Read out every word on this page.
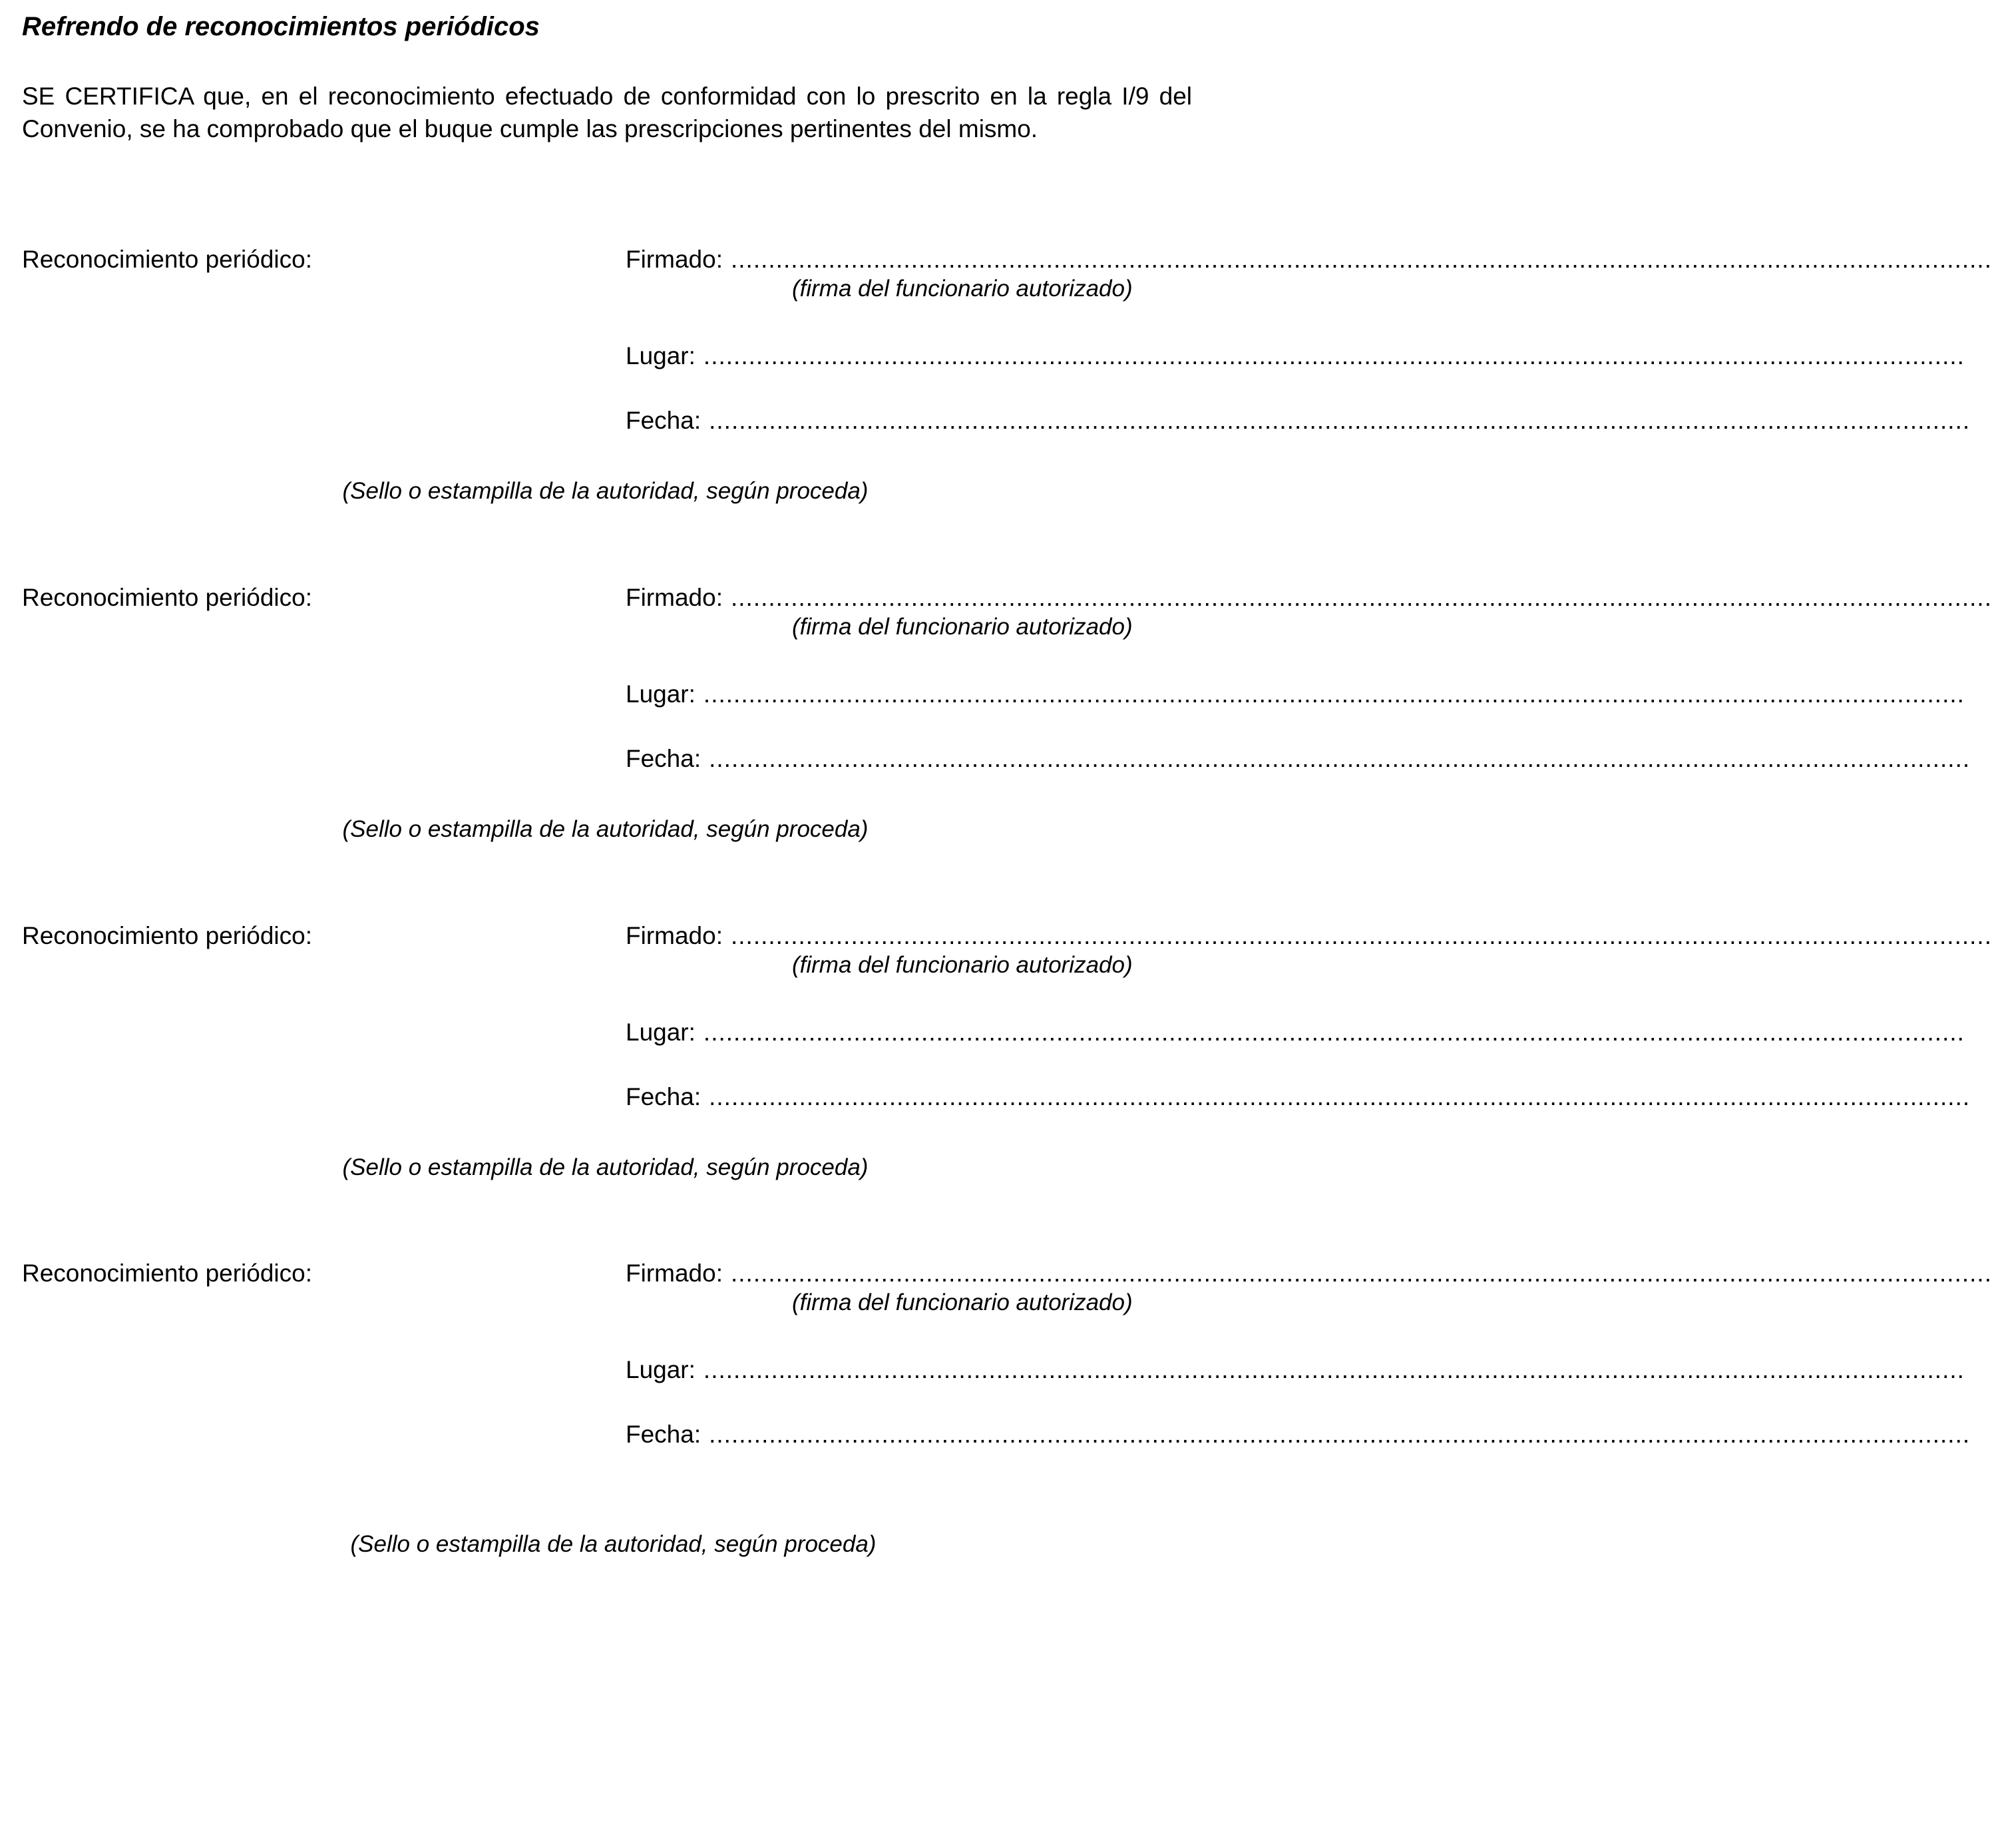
Refrendo de reconocimientos periódicos
SE CERTIFICA que, en el reconocimiento efectuado de conformidad con lo prescrito en la regla I/9 del Convenio, se ha comprobado que el buque cumple las prescripciones pertinentes del mismo.
Reconocimiento periódico:	Firmado: ........................................................................................................................................................................
(firma del funcionario autorizado)
Lugar: ........................................................................................................................................................................
Fecha: ........................................................................................................................................................................
(Sello o estampilla de la autoridad, según proceda)
Reconocimiento periódico:	Firmado: ........................................................................................................................................................................
(firma del funcionario autorizado)
Lugar: ........................................................................................................................................................................
Fecha: ........................................................................................................................................................................
(Sello o estampilla de la autoridad, según proceda)
Reconocimiento periódico:	Firmado: ........................................................................................................................................................................
(firma del funcionario autorizado)
Lugar: ........................................................................................................................................................................
Fecha: ........................................................................................................................................................................
(Sello o estampilla de la autoridad, según proceda)
Reconocimiento periódico:	Firmado: ........................................................................................................................................................................
(firma del funcionario autorizado)
Lugar: ........................................................................................................................................................................
Fecha: ........................................................................................................................................................................
(Sello o estampilla de la autoridad, según proceda)
